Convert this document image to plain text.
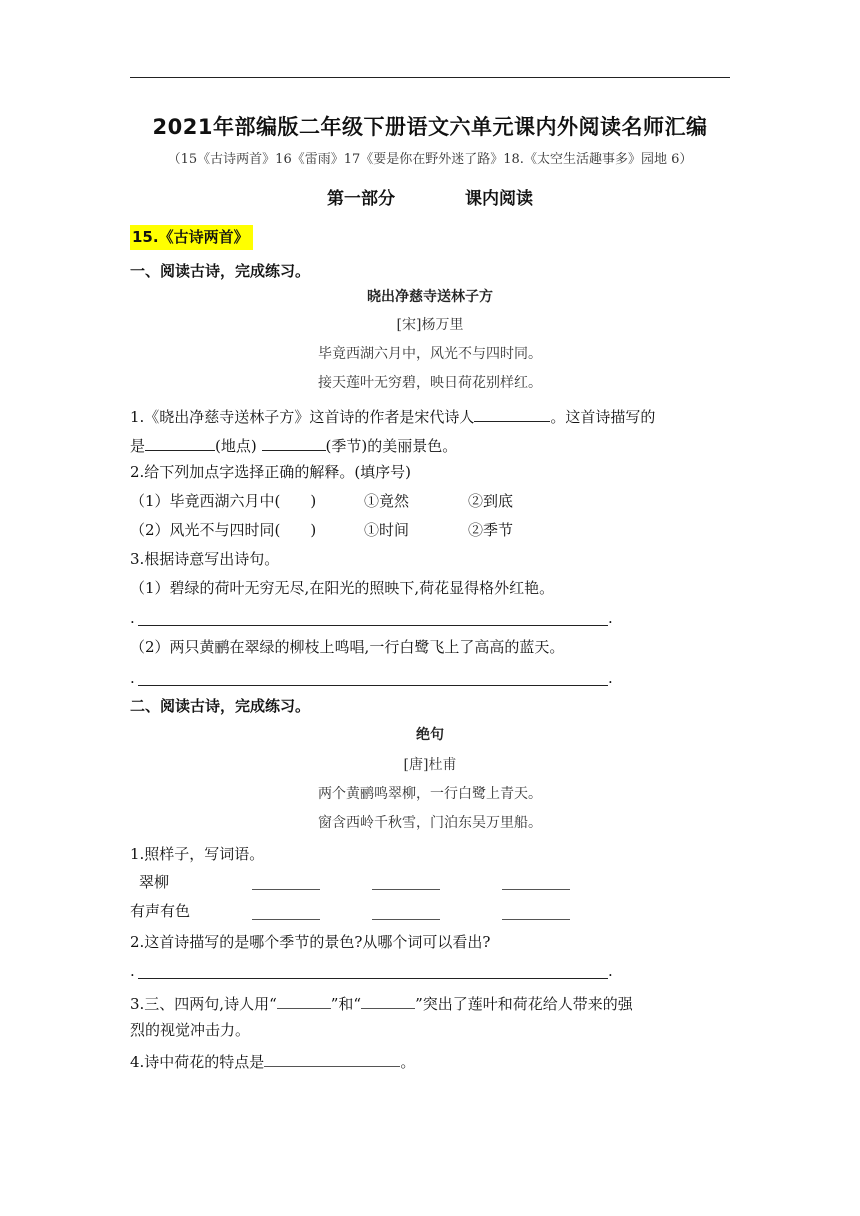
2021年部编版二年级下册语文六单元课内外阅读名师汇编
（15《古诗两首》16《雷雨》17《要是你在野外迷了路》18.《太空生活趣事多》园地 6）
第一部分	课内阅读
15.《古诗两首》
一、阅读古诗，完成练习。
晓出净慈寺送林子方
[宋]杨万里
毕竟西湖六月中，风光不与四时同。
接天莲叶无穷碧，映日荷花别样红。
1.《晓出净慈寺送林子方》这首诗的作者是宋代诗人	。这首诗描写的
是	(地点)	(季节)的美丽景色。
2.给下列加点字选择正确的解释。(填序号)
（1）毕竟西湖六月中(　　)	①竟然	②到底
（2）风光不与四时同(　　)	①时间	②季节
3.根据诗意写出诗句。
（1）碧绿的荷叶无穷无尽,在阳光的照映下,荷花显得格外红艳。
.	.
（2）两只黄鹂在翠绿的柳枝上鸣唱,一行白鹭飞上了高高的蓝天。
.	.
二、阅读古诗，完成练习。
绝句
[唐]杜甫
两个黄鹂鸣翠柳，一行白鹭上青天。
窗含西岭千秋雪，门泊东吴万里船。
1.照样子，写词语。
翠柳
有声有色
2.这首诗描写的是哪个季节的景色?从哪个词可以看出?
.	.
3.三、四两句,诗人用“	”和“	”突出了莲叶和荷花给人带来的强
烈的视觉冲击力。
4.诗中荷花的特点是	。
